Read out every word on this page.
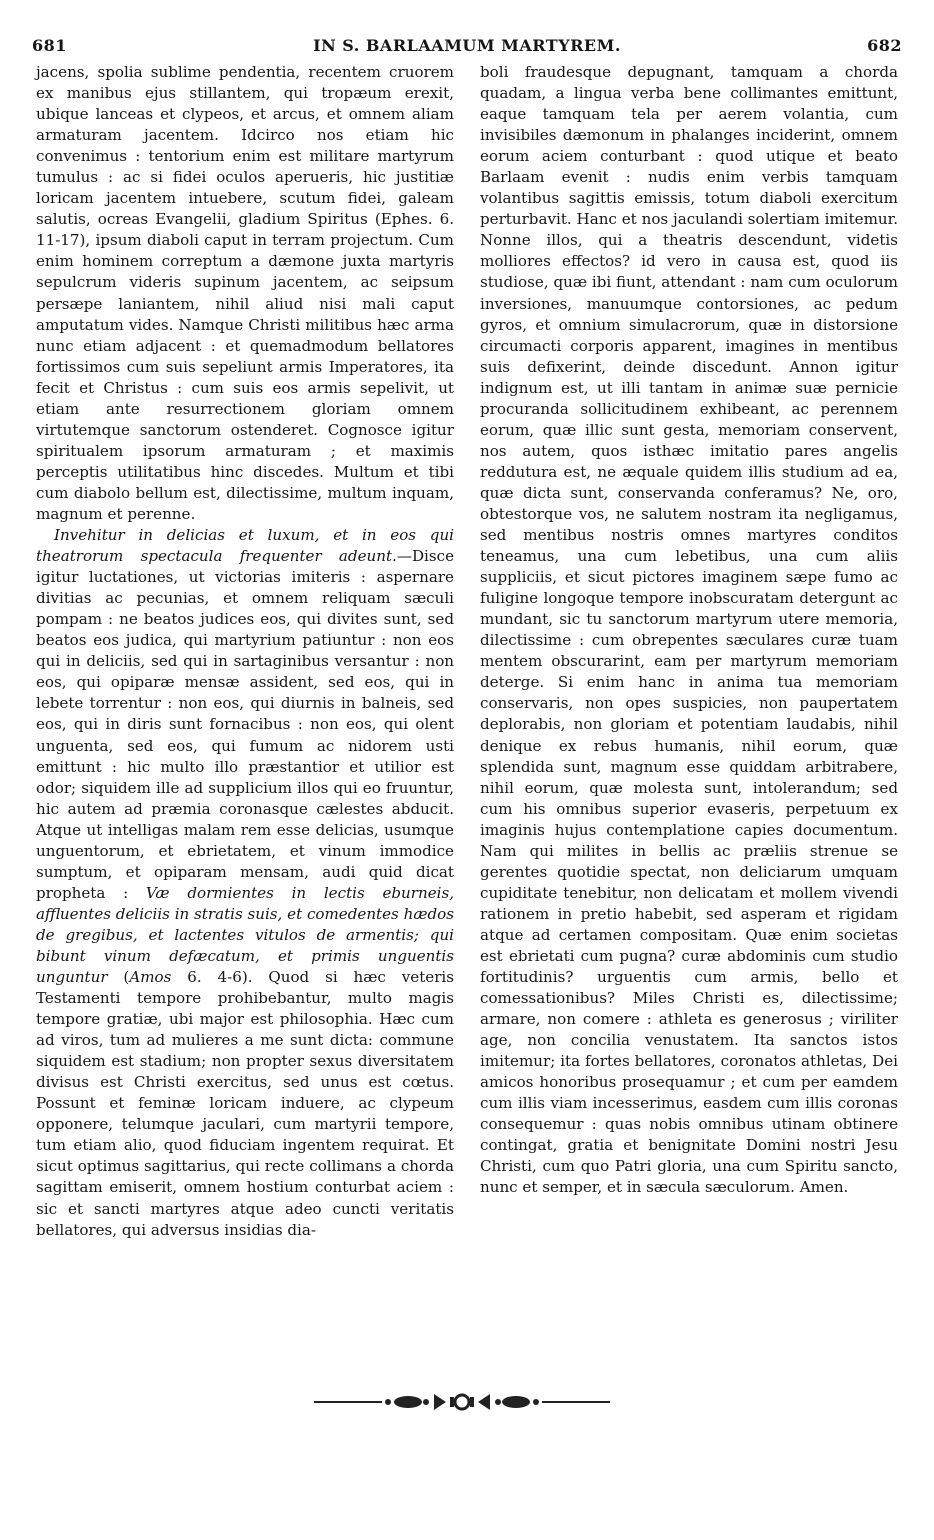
681	IN S. BARLAAMUM MARTYREM.	682

jacens, spolia sublime pendentia, recentem cruorem ex manibus ejus stillantem, qui tropæum erexit, ubique lanceas et clypeos, et arcus, et omnem aliam armaturam jacentem. Idcirco nos etiam hic convenimus : tentorium enim est militare martyrum tumulus : ac si fidei oculos aperueris, hic justitiæ loricam jacentem intuebere, scutum fidei, galeam salutis, ocreas Evangelii, gladium Spiritus (Ephes. 6. 11-17), ipsum diaboli caput in terram projectum. Cum enim hominem correptum a dæmone juxta martyris sepulcrum videris supinum jacentem, ac seipsum persæpe laniantem, nihil aliud nisi mali caput amputatum vides. Namque Christi militibus hæc arma nunc etiam adjacent : et quemadmodum bellatores fortissimos cum suis sepeliunt armis Imperatores, ita fecit et Christus : cum suis eos armis sepelivit, ut etiam ante resurrectionem gloriam omnem virtutemque sanctorum ostenderet. Cognosce igitur spiritualem ipsorum armaturam ; et maximis perceptis utilitatibus hinc discedes. Multum et tibi cum diabolo bellum est, dilectissime, multum inquam, magnum et perenne.

Invehitur in delicias et luxum, et in eos qui theatrorum spectacula frequenter adeunt.—Disce igitur luctationes, ut victorias imiteris : aspernare divitias ac pecunias, et omnem reliquam sæculi pompam : ne beatos judices eos, qui divites sunt, sed beatos eos judica, qui martyrium patiuntur : non eos qui in deliciis, sed qui in sartaginibus versantur : non eos, qui opiparæ mensæ assident, sed eos, qui in lebete torrentur : non eos, qui diurnis in balneis, sed eos, qui in diris sunt fornacibus : non eos, qui olent unguenta, sed eos, qui fumum ac nidorem usti emittunt : hic multo illo præstantior et utilior est odor; siquidem ille ad supplicium illos qui eo fruuntur, hic autem ad præmia coronasque cælestes abducit. Atque ut intelligas malam rem esse delicias, usumque unguentorum, et ebrietatem, et vinum immodice sumptum, et opiparam mensam, audi quid dicat propheta : Væ dormientes in lectis eburneis, affluentes deliciis in stratis suis, et comedentes hædos de gregibus, et lactentes vitulos de armentis; qui bibunt vinum defæcatum, et primis unguentis unguntur (Amos 6. 4-6). Quod si hæc veteris Testamenti tempore prohibebantur, multo magis tempore gratiæ, ubi major est philosophia. Hæc cum ad viros, tum ad mulieres a me sunt dicta: commune siquidem est stadium; non propter sexus diversitatem divisus est Christi exercitus, sed unus est cœtus. Possunt et feminæ loricam induere, ac clypeum opponere, telumque jaculari, cum martyrii tempore, tum etiam alio, quod fiduciam ingentem requirat. Et sicut optimus sagittarius, qui recte collimans a chorda sagittam emiserit, omnem hostium conturbat aciem : sic et sancti martyres atque adeo cuncti veritatis bellatores, qui adversus insidias dia-

boli fraudesque depugnant, tamquam a chorda quadam, a lingua verba bene collimantes emittunt, eaque tamquam tela per aerem volantia, cum invisibiles dæmonum in phalanges inciderint, omnem eorum aciem conturbant : quod utique et beato Barlaam evenit : nudis enim verbis tamquam volantibus sagittis emissis, totum diaboli exercitum perturbavit. Hanc et nos jaculandi solertiam imitemur. Nonne illos, qui a theatris descendunt, videtis molliores effectos? id vero in causa est, quod iis studiose, quæ ibi fiunt, attendant : nam cum oculorum inversiones, manuumque contorsiones, ac pedum gyros, et omnium simulacrorum, quæ in distorsione circumacti corporis apparent, imagines in mentibus suis defixerint, deinde discedunt. Annon igitur indignum est, ut illi tantam in animæ suæ pernicie procuranda sollicitudinem exhibeant, ac perennem eorum, quæ illic sunt gesta, memoriam conservent, nos autem, quos isthæc imitatio pares angelis reddutura est, ne æquale quidem illis studium ad ea, quæ dicta sunt, conservanda conferamus? Ne, oro, obtestorque vos, ne salutem nostram ita negligamus, sed mentibus nostris omnes martyres conditos teneamus, una cum lebetibus, una cum aliis suppliciis, et sicut pictores imaginem sæpe fumo ac fuligine longoque tempore inobscuratam detergunt ac mundant, sic tu sanctorum martyrum utere memoria, dilectissime : cum obrepentes sæculares curæ tuam mentem obscurarint, eam per martyrum memoriam deterge. Si enim hanc in anima tua memoriam conservaris, non opes suspicies, non paupertatem deplorabis, non gloriam et potentiam laudabis, nihil denique ex rebus humanis, nihil eorum, quæ splendida sunt, magnum esse quiddam arbitrabere, nihil eorum, quæ molesta sunt, intolerandum; sed cum his omnibus superior evaseris, perpetuum ex imaginis hujus contemplatione capies documentum. Nam qui milites in bellis ac præliis strenue se gerentes quotidie spectat, non deliciarum umquam cupiditate tenebitur, non delicatam et mollem vivendi rationem in pretio habebit, sed asperam et rigidam atque ad certamen compositam. Quæ enim societas est ebrietati cum pugna? curæ abdominis cum studio fortitudinis? urguentis cum armis, bello et comessationibus? Miles Christi es, dilectissime; armare, non comere : athleta es generosus ; viriliter age, non concilia venustatem. Ita sanctos istos imitemur; ita fortes bellatores, coronatos athletas, Dei amicos honoribus prosequamur ; et cum per eamdem cum illis viam incesserimus, easdem cum illis coronas consequemur : quas nobis omnibus utinam obtinere contingat, gratia et benignitate Domini nostri Jesu Christi, cum quo Patri gloria, una cum Spiritu sancto, nunc et semper, et in sæcula sæculorum. Amen.
